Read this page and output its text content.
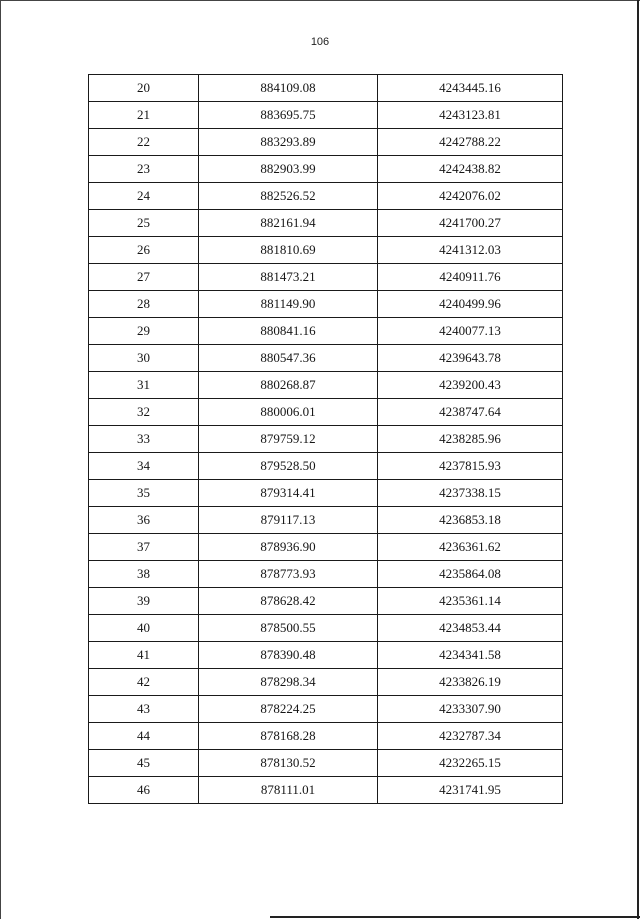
106
20	884109.08	4243445.16
21	883695.75	4243123.81
22	883293.89	4242788.22
23	882903.99	4242438.82
24	882526.52	4242076.02
25	882161.94	4241700.27
26	881810.69	4241312.03
27	881473.21	4240911.76
28	881149.90	4240499.96
29	880841.16	4240077.13
30	880547.36	4239643.78
31	880268.87	4239200.43
32	880006.01	4238747.64
33	879759.12	4238285.96
34	879528.50	4237815.93
35	879314.41	4237338.15
36	879117.13	4236853.18
37	878936.90	4236361.62
38	878773.93	4235864.08
39	878628.42	4235361.14
40	878500.55	4234853.44
41	878390.48	4234341.58
42	878298.34	4233826.19
43	878224.25	4233307.90
44	878168.28	4232787.34
45	878130.52	4232265.15
46	878111.01	4231741.95
